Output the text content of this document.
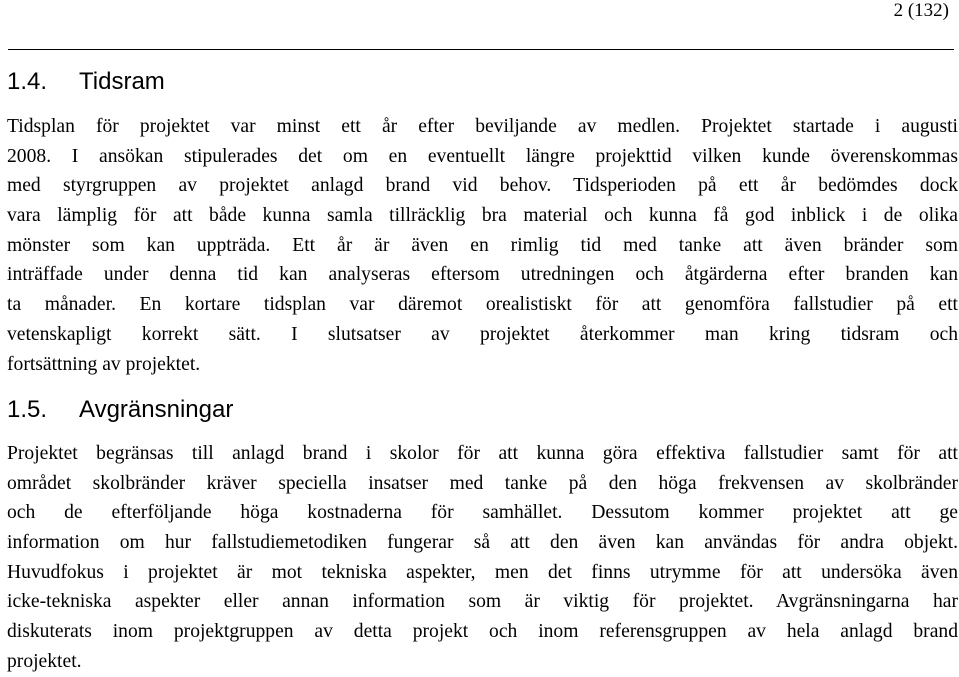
2 (132)
1.4. Tidsram
Tidsplan för projektet var minst ett år efter beviljande av medlen. Projektet startade i augusti
2008. I ansökan stipulerades det om en eventuellt längre projekttid vilken kunde överenskommas
med styrgruppen av projektet anlagd brand vid behov. Tidsperioden på ett år bedömdes dock
vara lämplig för att både kunna samla tillräcklig bra material och kunna få god inblick i de olika
mönster som kan uppträda. Ett år är även en rimlig tid med tanke att även bränder som
inträffade under denna tid kan analyseras eftersom utredningen och åtgärderna efter branden kan
ta månader. En kortare tidsplan var däremot orealistiskt för att genomföra fallstudier på ett
vetenskapligt korrekt sätt. I slutsatser av projektet återkommer man kring tidsram och
fortsättning av projektet.
1.5. Avgränsningar
Projektet begränsas till anlagd brand i skolor för att kunna göra effektiva fallstudier samt för att
området skolbränder kräver speciella insatser med tanke på den höga frekvensen av skolbränder
och de efterföljande höga kostnaderna för samhället. Dessutom kommer projektet att ge
information om hur fallstudiemetodiken fungerar så att den även kan användas för andra objekt.
Huvudfokus i projektet är mot tekniska aspekter, men det finns utrymme för att undersöka även
icke-tekniska aspekter eller annan information som är viktig för projektet. Avgränsningarna har
diskuterats inom projektgruppen av detta projekt och inom referensgruppen av hela anlagd brand
projektet.
